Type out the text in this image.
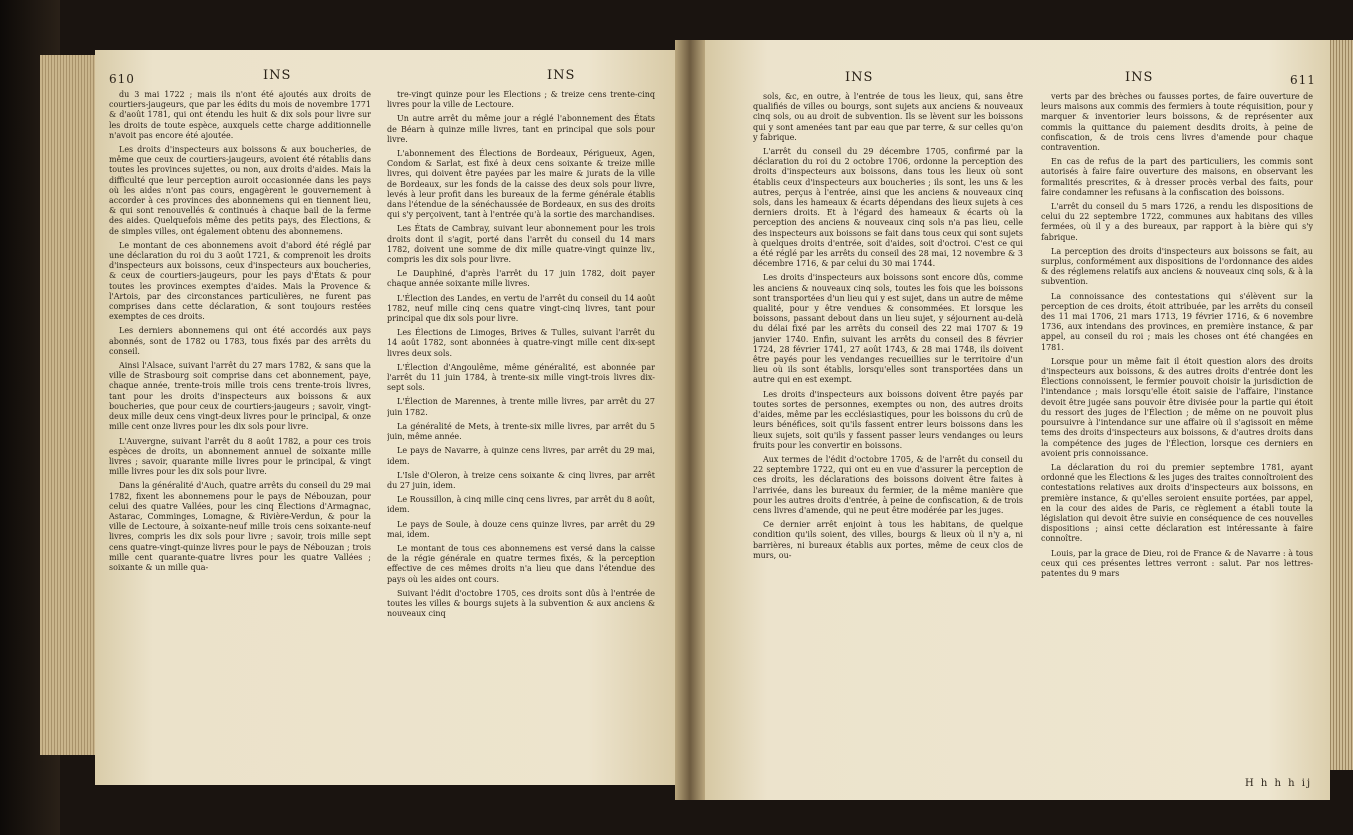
610	INS	INS

du 3 mai 1722 ; mais ils n'ont été ajoutés aux droits de courtiers-jaugeurs, que par les édits du mois de novembre 1771 & d'août 1781, qui ont étendu les huit & dix sols pour livre sur les droits de toute espèce, auxquels cette charge additionnelle n'avoit pas encore été ajoutée.

Les droits d'inspecteurs aux boissons & aux boucheries, de même que ceux de courtiers-jaugeurs, avoient été rétablis dans toutes les provinces sujettes, ou non, aux droits d'aides. Mais la difficulté que leur perception auroit occasionnée dans les pays où les aides n'ont pas cours, engagèrent le gouvernement à accorder à ces provinces des abonnemens qui en tiennent lieu, & qui sont renouvellés & continués à chaque bail de la ferme des aides. Quelquefois même des petits pays, des Élections, & de simples villes, ont également obtenu des abonnemens.

Le montant de ces abonnemens avoit d'abord été réglé par une déclaration du roi du 3 août 1721, & comprenoit les droits d'inspecteurs aux boissons, ceux d'inspecteurs aux boucheries, & ceux de courtiers-jaugeurs, pour les pays d'États & pour toutes les provinces exemptes d'aides. Mais la Provence & l'Artois, par des circonstances particulières, ne furent pas comprises dans cette déclaration, & sont toujours restées exemptes de ces droits.

Les derniers abonnemens qui ont été accordés aux pays abonnés, sont de 1782 ou 1783, tous fixés par des arrêts du conseil.

Ainsi l'Alsace, suivant l'arrêt du 27 mars 1782, & sans que la ville de Strasbourg soit comprise dans cet abonnement, paye, chaque année, trente-trois mille trois cens trente-trois livres, tant pour les droits d'inspecteurs aux boissons & aux boucheries, que pour ceux de courtiers-jaugeurs ; savoir, vingt-deux mille deux cens vingt-deux livres pour le principal, & onze mille cent onze livres pour les dix sols pour livre.

L'Auvergne, suivant l'arrêt du 8 août 1782, a pour ces trois espèces de droits, un abonnement annuel de soixante mille livres ; savoir, quarante mille livres pour le principal, & vingt mille livres pour les dix sols pour livre.

Dans la généralité d'Auch, quatre arrêts du conseil du 29 mai 1782, fixent les abonnemens pour le pays de Nébouzan, pour celui des quatre Vallées, pour les cinq Élections d'Armagnac, Astarac, Comminges, Lomagne, & Rivière-Verdun, & pour la ville de Lectoure, à soixante-neuf mille trois cens soixante-neuf livres, compris les dix sols pour livre ; savoir, trois mille sept cens quatre-vingt-quinze livres pour le pays de Nébouzan ; trois mille cent quarante-quatre livres pour les quatre Vallées ; soixante & un mille qua-

tre-vingt quinze pour les Élections ; & treize cens trente-cinq livres pour la ville de Lectoure.

Un autre arrêt du même jour a réglé l'abonnement des États de Béarn à quinze mille livres, tant en principal que sols pour livre.

L'abonnement des Élections de Bordeaux, Périgueux, Agen, Condom & Sarlat, est fixé à deux cens soixante & treize mille livres, qui doivent être payées par les maire & jurats de la ville de Bordeaux, sur les fonds de la caisse des deux sols pour livre, levés à leur profit dans les bureaux de la ferme générale établis dans l'étendue de la sénéchaussée de Bordeaux, en sus des droits qui s'y perçoivent, tant à l'entrée qu'à la sortie des marchandises.

Les États de Cambray, suivant leur abonnement pour les trois droits dont il s'agit, porté dans l'arrêt du conseil du 14 mars 1782, doivent une somme de dix mille quatre-vingt quinze liv., compris les dix sols pour livre.

Le Dauphiné, d'après l'arrêt du 17 juin 1782, doit payer chaque année soixante mille livres.

L'Élection des Landes, en vertu de l'arrêt du conseil du 14 août 1782, neuf mille cinq cens quatre vingt-cinq livres, tant pour principal que dix sols pour livre.

Les Élections de Limoges, Brives & Tulles, suivant l'arrêt du 14 août 1782, sont abonnées à quatre-vingt mille cent dix-sept livres deux sols.

L'Élection d'Angoulême, même généralité, est abonnée par l'arrêt du 11 juin 1784, à trente-six mille vingt-trois livres dix-sept sols.

L'Élection de Marennes, à trente mille livres, par arrêt du 27 juin 1782.

La généralité de Mets, à trente-six mille livres, par arrêt du 5 juin, même année.

Le pays de Navarre, à quinze cens livres, par arrêt du 29 mai, idem.

L'Isle d'Oleron, à treize cens soixante & cinq livres, par arrêt du 27 juin, idem.

Le Roussillon, à cinq mille cinq cens livres, par arrêt du 8 août, idem.

Le pays de Soule, à douze cens quinze livres, par arrêt du 29 mai, idem.

Le montant de tous ces abonnemens est versé dans la caisse de la régie générale en quatre termes fixés, & la perception effective de ces mêmes droits n'a lieu que dans l'étendue des pays où les aides ont cours.

Suivant l'édit d'octobre 1705, ces droits sont dûs à l'entrée de toutes les villes & bourgs sujets à la subvention & aux anciens & nouveaux cinq

INS	INS	611

sols, &c, en outre, à l'entrée de tous les lieux, qui, sans être qualifiés de villes ou bourgs, sont sujets aux anciens & nouveaux cinq sols, ou au droit de subvention. Ils se lèvent sur les boissons qui y sont amenées tant par eau que par terre, & sur celles qu'on y fabrique.

L'arrêt du conseil du 29 décembre 1705, confirmé par la déclaration du roi du 2 octobre 1706, ordonne la perception des droits d'inspecteurs aux boissons, dans tous les lieux où sont établis ceux d'inspecteurs aux boucheries ; ils sont, les uns & les autres, perçus à l'entrée, ainsi que les anciens & nouveaux cinq sols, dans les hameaux & écarts dépendans des lieux sujets à ces derniers droits. Et à l'égard des hameaux & écarts où la perception des anciens & nouveaux cinq sols n'a pas lieu, celle des inspecteurs aux boissons se fait dans tous ceux qui sont sujets à quelques droits d'entrée, soit d'aides, soit d'octroi. C'est ce qui a été réglé par les arrêts du conseil des 28 mai, 12 novembre & 3 décembre 1716, & par celui du 30 mai 1744.

Les droits d'inspecteurs aux boissons sont encore dûs, comme les anciens & nouveaux cinq sols, toutes les fois que les boissons sont transportées d'un lieu qui y est sujet, dans un autre de même qualité, pour y être vendues & consommées. Et lorsque les boissons, passant debout dans un lieu sujet, y séjournent au-delà du délai fixé par les arrêts du conseil des 22 mai 1707 & 19 janvier 1740. Enfin, suivant les arrêts du conseil des 8 février 1724, 28 février 1741, 27 août 1743, & 28 mai 1748, ils doivent être payés pour les vendanges recueillies sur le territoire d'un lieu où ils sont établis, lorsqu'elles sont transportées dans un autre qui en est exempt.

Les droits d'inspecteurs aux boissons doivent être payés par toutes sortes de personnes, exemptes ou non, des autres droits d'aides, même par les ecclésiastiques, pour les boissons du crû de leurs bénéfices, soit qu'ils fassent entrer leurs boissons dans les lieux sujets, soit qu'ils y fassent passer leurs vendanges ou leurs fruits pour les convertir en boissons.

Aux termes de l'édit d'octobre 1705, & de l'arrêt du conseil du 22 septembre 1722, qui ont eu en vue d'assurer la perception de ces droits, les déclarations des boissons doivent être faites à l'arrivée, dans les bureaux du fermier, de la même manière que pour les autres droits d'entrée, à peine de confiscation, & de trois cens livres d'amende, qui ne peut être modérée par les juges.

Ce dernier arrêt enjoint à tous les habitans, de quelque condition qu'ils soient, des villes, bourgs & lieux où il n'y a, ni barrières, ni bureaux établis aux portes, même de ceux clos de murs, ou-

verts par des brèches ou fausses portes, de faire ouverture de leurs maisons aux commis des fermiers à toute réquisition, pour y marquer & inventorier leurs boissons, & de représenter aux commis la quittance du paiement desdits droits, à peine de confiscation, & de trois cens livres d'amende pour chaque contravention.

En cas de refus de la part des particuliers, les commis sont autorisés à faire faire ouverture des maisons, en observant les formalités prescrites, & à dresser procès verbal des faits, pour faire condamner les refusans à la confiscation des boissons.

L'arrêt du conseil du 5 mars 1726, a rendu les dispositions de celui du 22 septembre 1722, communes aux habitans des villes fermées, où il y a des bureaux, par rapport à la bière qui s'y fabrique.

La perception des droits d'inspecteurs aux boissons se fait, au surplus, conformément aux dispositions de l'ordonnance des aides & des réglemens relatifs aux anciens & nouveaux cinq sols, & à la subvention.

La connoissance des contestations qui s'élèvent sur la perception de ces droits, étoit attribuée, par les arrêts du conseil des 11 mai 1706, 21 mars 1713, 19 février 1716, & 6 novembre 1736, aux intendans des provinces, en première instance, & par appel, au conseil du roi ; mais les choses ont été changées en 1781.

Lorsque pour un même fait il étoit question alors des droits d'inspecteurs aux boissons, & des autres droits d'entrée dont les Élections connoissent, le fermier pouvoit choisir la jurisdiction de l'intendance ; mais lorsqu'elle étoit saisie de l'affaire, l'instance devoit être jugée sans pouvoir être divisée pour la partie qui étoit du ressort des juges de l'Élection ; de même on ne pouvoit plus poursuivre à l'intendance sur une affaire où il s'agissoit en même tems des droits d'inspecteurs aux boissons, & d'autres droits dans la compétence des juges de l'Élection, lorsque ces derniers en avoient pris connoissance.

La déclaration du roi du premier septembre 1781, ayant ordonné que les Élections & les juges des traites connoîtroient des contestations relatives aux droits d'inspecteurs aux boissons, en première instance, & qu'elles seroient ensuite portées, par appel, en la cour des aides de Paris, ce règlement a établi toute la législation qui devoit être suivie en conséquence de ces nouvelles dispositions ; ainsi cette déclaration est intéressante à faire connoître.

Louis, par la grace de Dieu, roi de France & de Navarre : à tous ceux qui ces présentes lettres verront : salut. Par nos lettres-patentes du 9 mars

H h h h ij
